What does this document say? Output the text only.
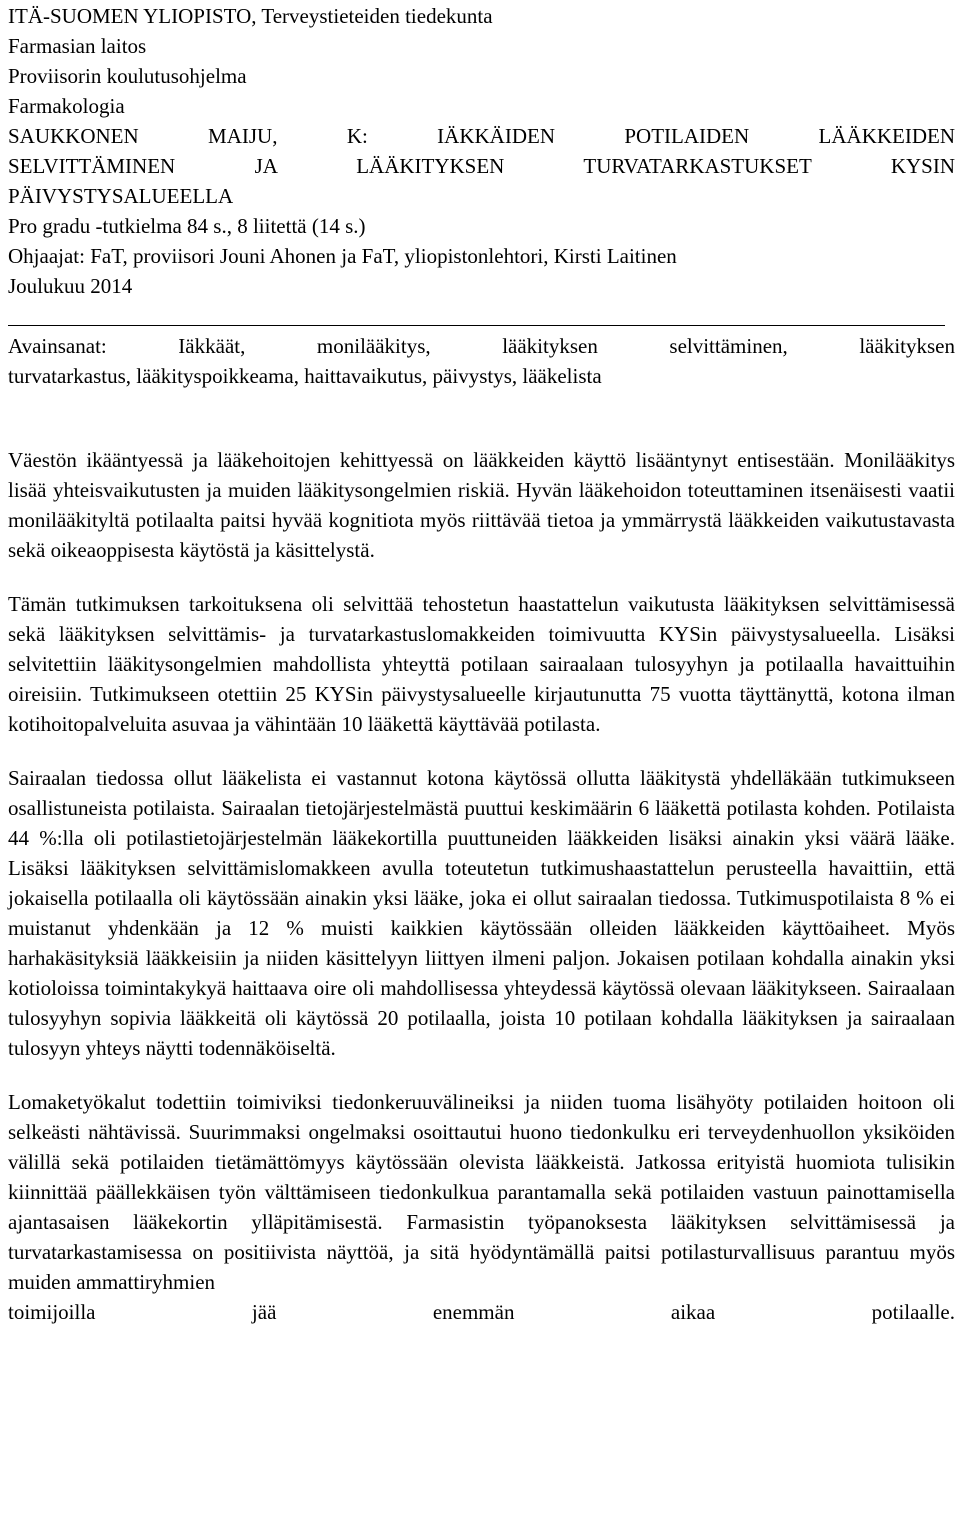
ITÄ-SUOMEN YLIOPISTO, Terveystieteiden tiedekunta
Farmasian laitos
Proviisorin koulutusohjelma
Farmakologia

SAUKKONEN MAIJU, K: IÄKKÄIDEN POTILAIDEN LÄÄKKEIDEN

SELVITTÄMINEN JA LÄÄKITYKSEN TURVATARKASTUKSET KYSIN

PÄIVYSTYSALUEELLA
Pro gradu -tutkielma 84 s., 8 liitettä (14 s.)
Ohjaajat: FaT, proviisori Jouni Ahonen ja FaT, yliopistonlehtori, Kirsti Laitinen
Joulukuu 2014

Avainsanat: Iäkkäät, monilääkitys, lääkityksen selvittäminen, lääkityksen

turvatarkastus, lääkityspoikkeama, haittavaikutus, päivystys, lääkelista

Väestön ikääntyessä ja lääkehoitojen kehittyessä on lääkkeiden käyttö lisääntynyt entisestään. Monilääkitys lisää yhteisvaikutusten ja muiden lääkitysongelmien riskiä. Hyvän lääkehoidon toteuttaminen itsenäisesti vaatii monilääkityltä potilaalta paitsi hyvää kognitiota myös riittävää tietoa ja ymmärrystä lääkkeiden vaikutustavasta sekä oikeaoppisesta käytöstä ja käsittelystä.

Tämän tutkimuksen tarkoituksena oli selvittää tehostetun haastattelun vaikutusta lääkityksen selvittämisessä sekä lääkityksen selvittämis- ja turvatarkastuslomakkeiden toimivuutta KYSin päivystysalueella. Lisäksi selvitettiin lääkitysongelmien mahdollista yhteyttä potilaan sairaalaan tulosyyhyn ja potilaalla havaittuihin oireisiin. Tutkimukseen otettiin 25 KYSin päivystysalueelle kirjautunutta 75 vuotta täyttänyttä, kotona ilman kotihoitopalveluita asuvaa ja vähintään 10 lääkettä käyttävää potilasta.

Sairaalan tiedossa ollut lääkelista ei vastannut kotona käytössä ollutta lääkitystä yhdelläkään tutkimukseen osallistuneista potilaista. Sairaalan tietojärjestelmästä puuttui keskimäärin 6 lääkettä potilasta kohden. Potilaista 44 %:lla oli potilastietojärjestelmän lääkekortilla puuttuneiden lääkkeiden lisäksi ainakin yksi väärä lääke. Lisäksi lääkityksen selvittämislomakkeen avulla toteutetun tutkimushaastattelun perusteella havaittiin, että jokaisella potilaalla oli käytössään ainakin yksi lääke, joka ei ollut sairaalan tiedossa. Tutkimuspotilaista 8 % ei muistanut yhdenkään ja 12 % muisti kaikkien käytössään olleiden lääkkeiden käyttöaiheet. Myös harhakäsityksiä lääkkeisiin ja niiden käsittelyyn liittyen ilmeni paljon. Jokaisen potilaan kohdalla ainakin yksi kotioloissa toimintakykyä haittaava oire oli mahdollisessa yhteydessä käytössä olevaan lääkitykseen. Sairaalaan tulosyyhyn sopivia lääkkeitä oli käytössä 20 potilaalla, joista 10 potilaan kohdalla lääkityksen ja sairaalaan tulosyyn yhteys näytti todennäköiseltä.

Lomaketyökalut todettiin toimiviksi tiedonkeruuvälineiksi ja niiden tuoma lisähyöty potilaiden hoitoon oli selkeästi nähtävissä. Suurimmaksi ongelmaksi osoittautui huono tiedonkulku eri terveydenhuollon yksiköiden välillä sekä potilaiden tietämättömyys käytössään olevista lääkkeistä. Jatkossa erityistä huomiota tulisikin kiinnittää päällekkäisen työn välttämiseen tiedonkulkua parantamalla sekä potilaiden vastuun painottamisella ajantasaisen lääkekortin ylläpitämisestä. Farmasistin työpanoksesta lääkityksen selvittämisessä ja turvatarkastamisessa on positiivista näyttöä, ja sitä hyödyntämällä paitsi potilasturvallisuus parantuu myös muiden ammattiryhmien

toimijoilla jää enemmän aikaa potilaalle.
